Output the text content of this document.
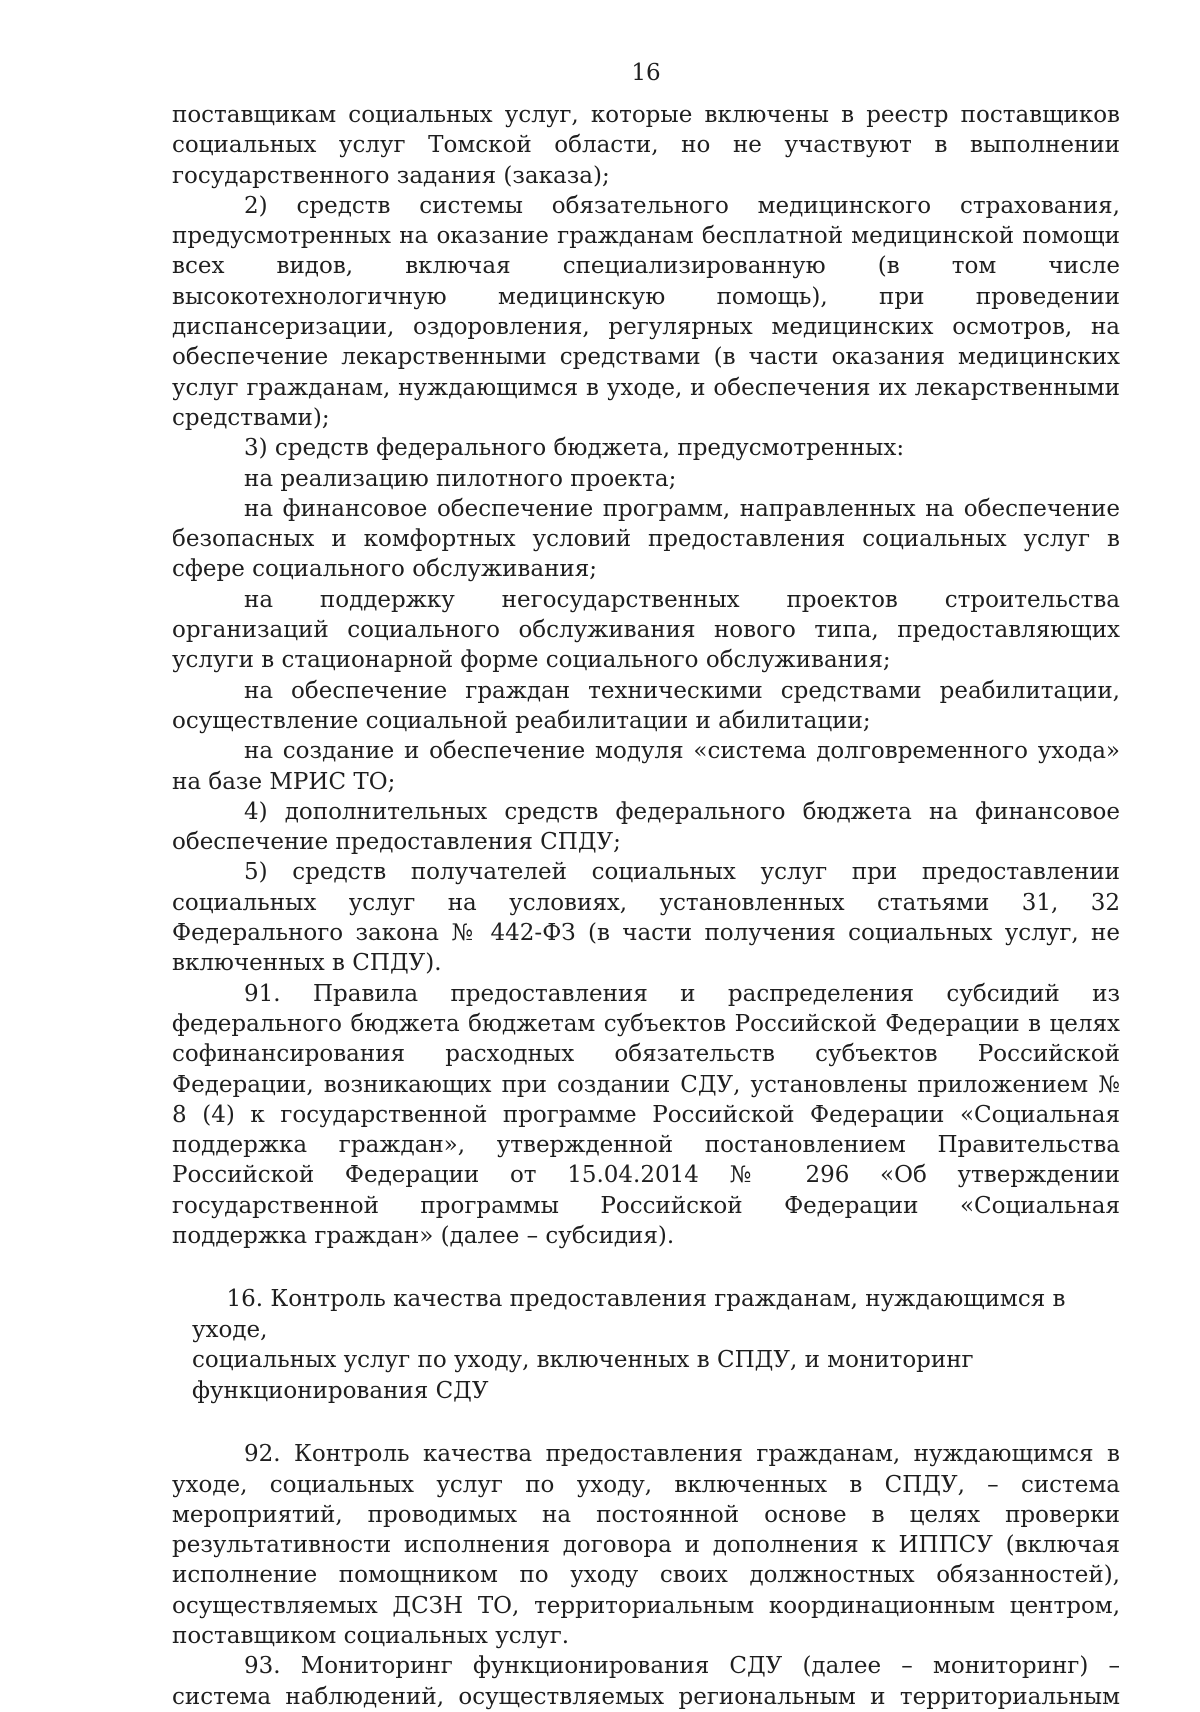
16

поставщикам социальных услуг, которые включены в реестр поставщиков социальных услуг Томской области, но не участвуют в выполнении государственного задания (заказа);

2) средств системы обязательного медицинского страхования, предусмотренных на оказание гражданам бесплатной медицинской помощи всех видов, включая специализированную (в том числе высокотехнологичную медицинскую помощь), при проведении диспансеризации, оздоровления, регулярных медицинских осмотров, на обеспечение лекарственными средствами (в части оказания медицинских услуг гражданам, нуждающимся в уходе, и обеспечения их лекарственными средствами);

3) средств федерального бюджета, предусмотренных:

на реализацию пилотного проекта;

на финансовое обеспечение программ, направленных на обеспечение безопасных и комфортных условий предоставления социальных услуг в сфере социального обслуживания;

на поддержку негосударственных проектов строительства организаций социального обслуживания нового типа, предоставляющих услуги в стационарной форме социального обслуживания;

на обеспечение граждан техническими средствами реабилитации, осуществление социальной реабилитации и абилитации;

на создание и обеспечение модуля «система долговременного ухода» на базе МРИС ТО;

4) дополнительных средств федерального бюджета на финансовое обеспечение предоставления СПДУ;

5) средств получателей социальных услуг при предоставлении социальных услуг на условиях, установленных статьями 31, 32 Федерального закона № 442-ФЗ (в части получения социальных услуг, не включенных в СПДУ).

91. Правила предоставления и распределения субсидий из федерального бюджета бюджетам субъектов Российской Федерации в целях софинансирования расходных обязательств субъектов Российской Федерации, возникающих при создании СДУ, установлены приложением № 8 (4) к государственной программе Российской Федерации «Социальная поддержка граждан», утвержденной постановлением Правительства Российской Федерации от 15.04.2014 № 296 «Об утверждении государственной программы Российской Федерации «Социальная поддержка граждан» (далее – субсидия).

16. Контроль качества предоставления гражданам, нуждающимся в уходе,
социальных услуг по уходу, включенных в СПДУ, и мониторинг
функционирования СДУ

92. Контроль качества предоставления гражданам, нуждающимся в уходе, социальных услуг по уходу, включенных в СПДУ, – система мероприятий, проводимых на постоянной основе в целях проверки результативности исполнения договора и дополнения к ИППСУ (включая исполнение помощником по уходу своих должностных обязанностей), осуществляемых ДСЗН ТО, территориальным координационным центром, поставщиком социальных услуг.

93. Мониторинг функционирования СДУ (далее – мониторинг) – система наблюдений, осуществляемых региональным и территориальным
